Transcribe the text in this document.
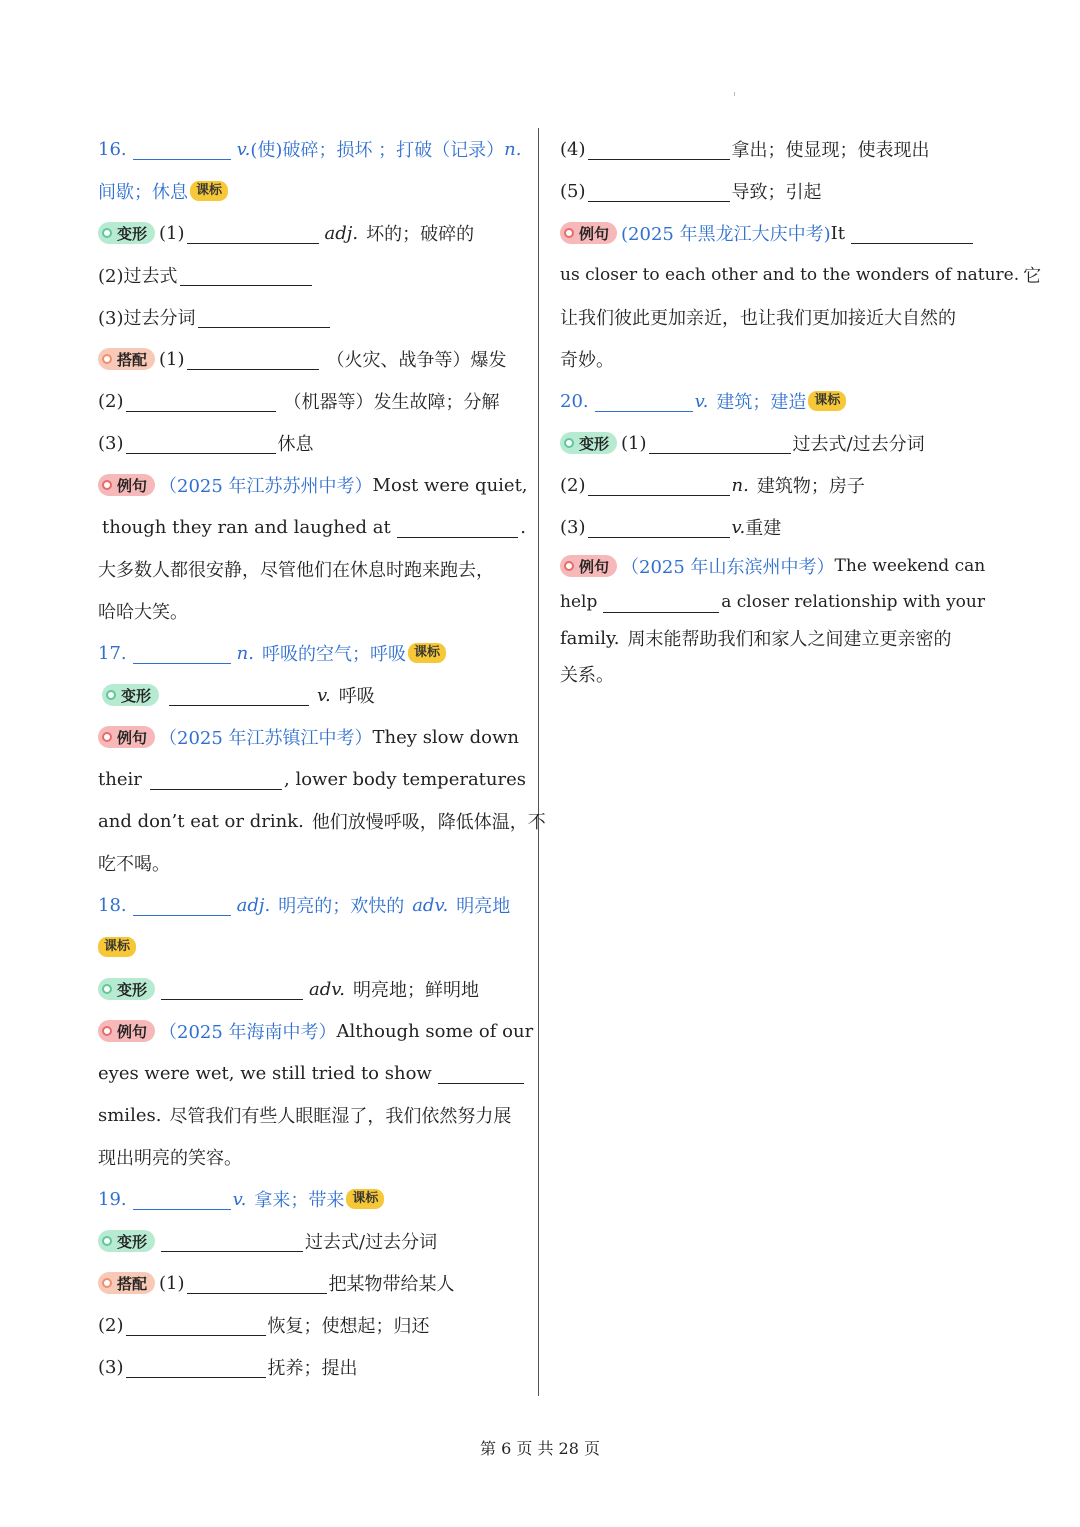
16.	v. (使)破碎；损坏 ；打破（记录） n.
间歇；休息 课标
变形 (1)	adj. 坏的；破碎的
(2)过去式
(3)过去分词
搭配 (1)	（火灾、战争等）爆发
(2)	（机器等）发生故障；分解
(3)	休息
例句 （2025 年江苏苏州中考） Most were quiet,
though they ran and laughed at	.
大多数人都很安静，尽管他们在休息时跑来跑去，
哈哈大笑。
17.	n. 呼吸的空气；呼吸 课标
变形	v. 呼吸
例句 （2025 年江苏镇江中考） They slow down
their	, lower body temperatures
and don’t eat or drink. 他们放慢呼吸，降低体温，不
吃不喝。
18.	adj. 明亮的；欢快的 adv. 明亮地
课标
变形	adv. 明亮地；鲜明地
例句 （2025 年海南中考） Although some of our
eyes were wet, we still tried to show
smiles. 尽管我们有些人眼眶湿了，我们依然努力展
现出明亮的笑容。
19.	v. 拿来；带来 课标
变形	过去式/过去分词
搭配 (1)	把某物带给某人
(2)	恢复；使想起；归还
(3)	抚养；提出
(4)	拿出；使显现；使表现出
(5)	导致；引起
例句 (2025 年黑龙江大庆中考) It
us closer to each other and to the wonders of nature. 它
让我们彼此更加亲近，也让我们更加接近大自然的
奇妙。
20.	v. 建筑；建造 课标
变形 (1)	过去式/过去分词
(2)	n. 建筑物；房子
(3)	v. 重建
例句 （2025 年山东滨州中考） The weekend can
help	a closer relationship with your
family. 周末能帮助我们和家人之间建立更亲密的
关系。
第 6 页 共 28 页
